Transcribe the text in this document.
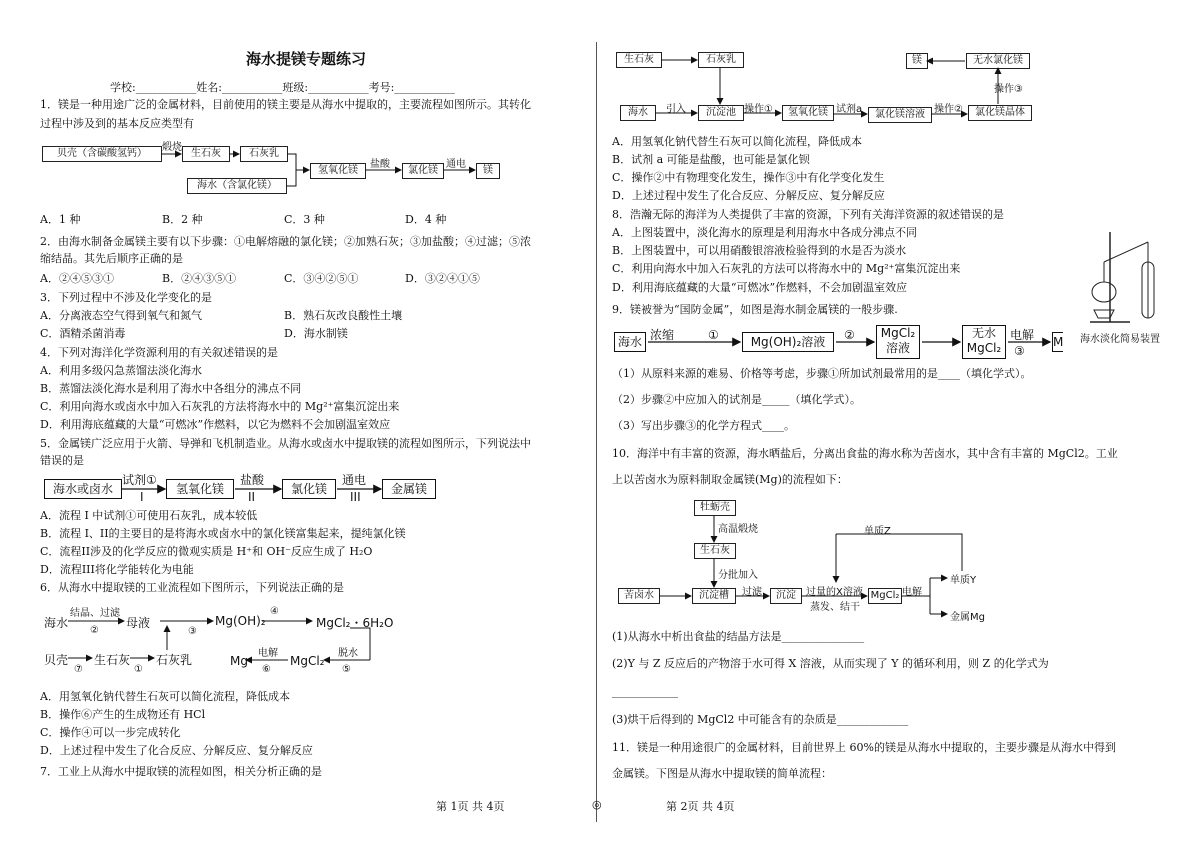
海水提镁专题练习
学校:___________姓名:___________班级:___________考号:___________
1．镁是一种用途广泛的金属材料，目前使用的镁主要是从海水中提取的，主要流程如图所示。其转化
过程中涉及到的基本反应类型有
贝壳（含碳酸氢钙）
煅烧
生石灰	石灰乳
海水（含氯化镁）
氢氧化镁
盐酸
氯化镁
通电
镁
A．1 种	B．2 种	C．3 种	D．4 种
2．由海水制备金属镁主要有以下步骤：①电解熔融的氯化镁；②加熟石灰；③加盐酸；④过滤；⑤浓
缩结晶。其先后顺序正确的是
A．②④⑤③①	B．②④③⑤①	C．③④②⑤①	D．③②④①⑤
3．下列过程中不涉及化学变化的是
A．分离液态空气得到氧气和氮气	B．熟石灰改良酸性土壤
C．酒精杀菌消毒	D．海水制镁
4．下列对海洋化学资源利用的有关叙述错误的是
A．利用多级闪急蒸馏法淡化海水
B．蒸馏法淡化海水是利用了海水中各组分的沸点不同
C．利用向海水或卤水中加入石灰乳的方法将海水中的 Mg²⁺富集沉淀出来
D．利用海底蕴藏的大量“可燃冰”作燃料，以它为燃料不会加剧温室效应
5．金属镁广泛应用于火箭、导弹和飞机制造业。从海水或卤水中提取镁的流程如图所示，下列说法中
错误的是
海水或卤水
试剂①
I
氢氧化镁
盐酸
II
氯化镁
通电
III
金属镁
A．流程 I 中试剂①可使用石灰乳，成本较低
B．流程 I、II的主要目的是将海水或卤水中的氯化镁富集起来，提纯氯化镁
C．流程II涉及的化学反应的微观实质是 H⁺和 OH⁻反应生成了 H₂O
D．流程III将化学能转化为电能
6．从海水中提取镁的工业流程如下图所示，下列说法正确的是
海水
结晶、过滤
②
母液
③
Mg(OH)₂
④
MgCl₂・6H₂O
贝壳
⑦
生石灰
①
石灰乳	Mg
电解
⑥
MgCl₂
脱水
⑤
A．用氢氧化钠代替生石灰可以简化流程，降低成本
B．操作⑥产生的生成物还有 HCl
C．操作④可以一步完成转化
D．上述过程中发生了化合反应、分解反应、复分解反应
7．工业上从海水中提取镁的流程如图，相关分析正确的是
生石灰	石灰乳
海水	引入	沉淀池 操作①	氢氧化镁 试剂a	氯化镁溶液 操作②	氯化镁晶体
操作③
无水氯化镁
镁
A．用氢氧化钠代替生石灰可以简化流程，降低成本
B．试剂 a 可能是盐酸，也可能是氯化钡
C．操作②中有物理变化发生，操作③中有化学变化发生
D．上述过程中发生了化合反应、分解反应、复分解反应
8．浩瀚无际的海洋为人类提供了丰富的资源，下列有关海洋资源的叙述错误的是
A．上图装置中，淡化海水的原理是利用海水中各成分沸点不同
B．上图装置中，可以用硝酸银溶液检验得到的水是否为淡水
C．利用向海水中加入石灰乳的方法可以将海水中的 Mg²⁺富集沉淀出来
D．利用海底蕴藏的大量“可燃冰”作燃料，不会加剧温室效应
海水淡化简易装置
9．镁被誉为“国防金属”，如图是海水制金属镁的一般步骤.
海水 浓缩	①	Mg(OH)₂溶液	②	MgCl₂
溶液
无水
MgCl₂
电解
③
M
（1）从原料来源的难易、价格等考虑，步骤①所加试剂最常用的是____（填化学式）。
（2）步骤②中应加入的试剂是_____（填化学式）。
（3）写出步骤③的化学方程式____。
10．海洋中有丰富的资源，海水晒盐后，分离出食盐的海水称为苦卤水，其中含有丰富的 MgCl2。工业
上以苦卤水为原料制取金属镁(Mg)的流程如下：
牡蛎壳
高温煅烧
生石灰
分批加入
苦卤水	沉淀槽	过滤	沉淀	过量的X溶液
蒸发、结干
MgCl₂ 电解
单质Z
单质Y
金属Mg
(1)从海水中析出食盐的结晶方法是_______________
(2)Y 与 Z 反应后的产物溶于水可得 X 溶液，从而实现了 Y 的循环利用，则 Z 的化学式为
____________
(3)烘干后得到的 MgCl2 中可能含有的杂质是_____________
11．镁是一种用途很广的金属材料，目前世界上 60%的镁是从海水中提取的，主要步骤是从海水中得到
金属镁。下图是从海水中提取镁的简单流程：
第 1页 共 4页	◎	第 2页 共 4页
